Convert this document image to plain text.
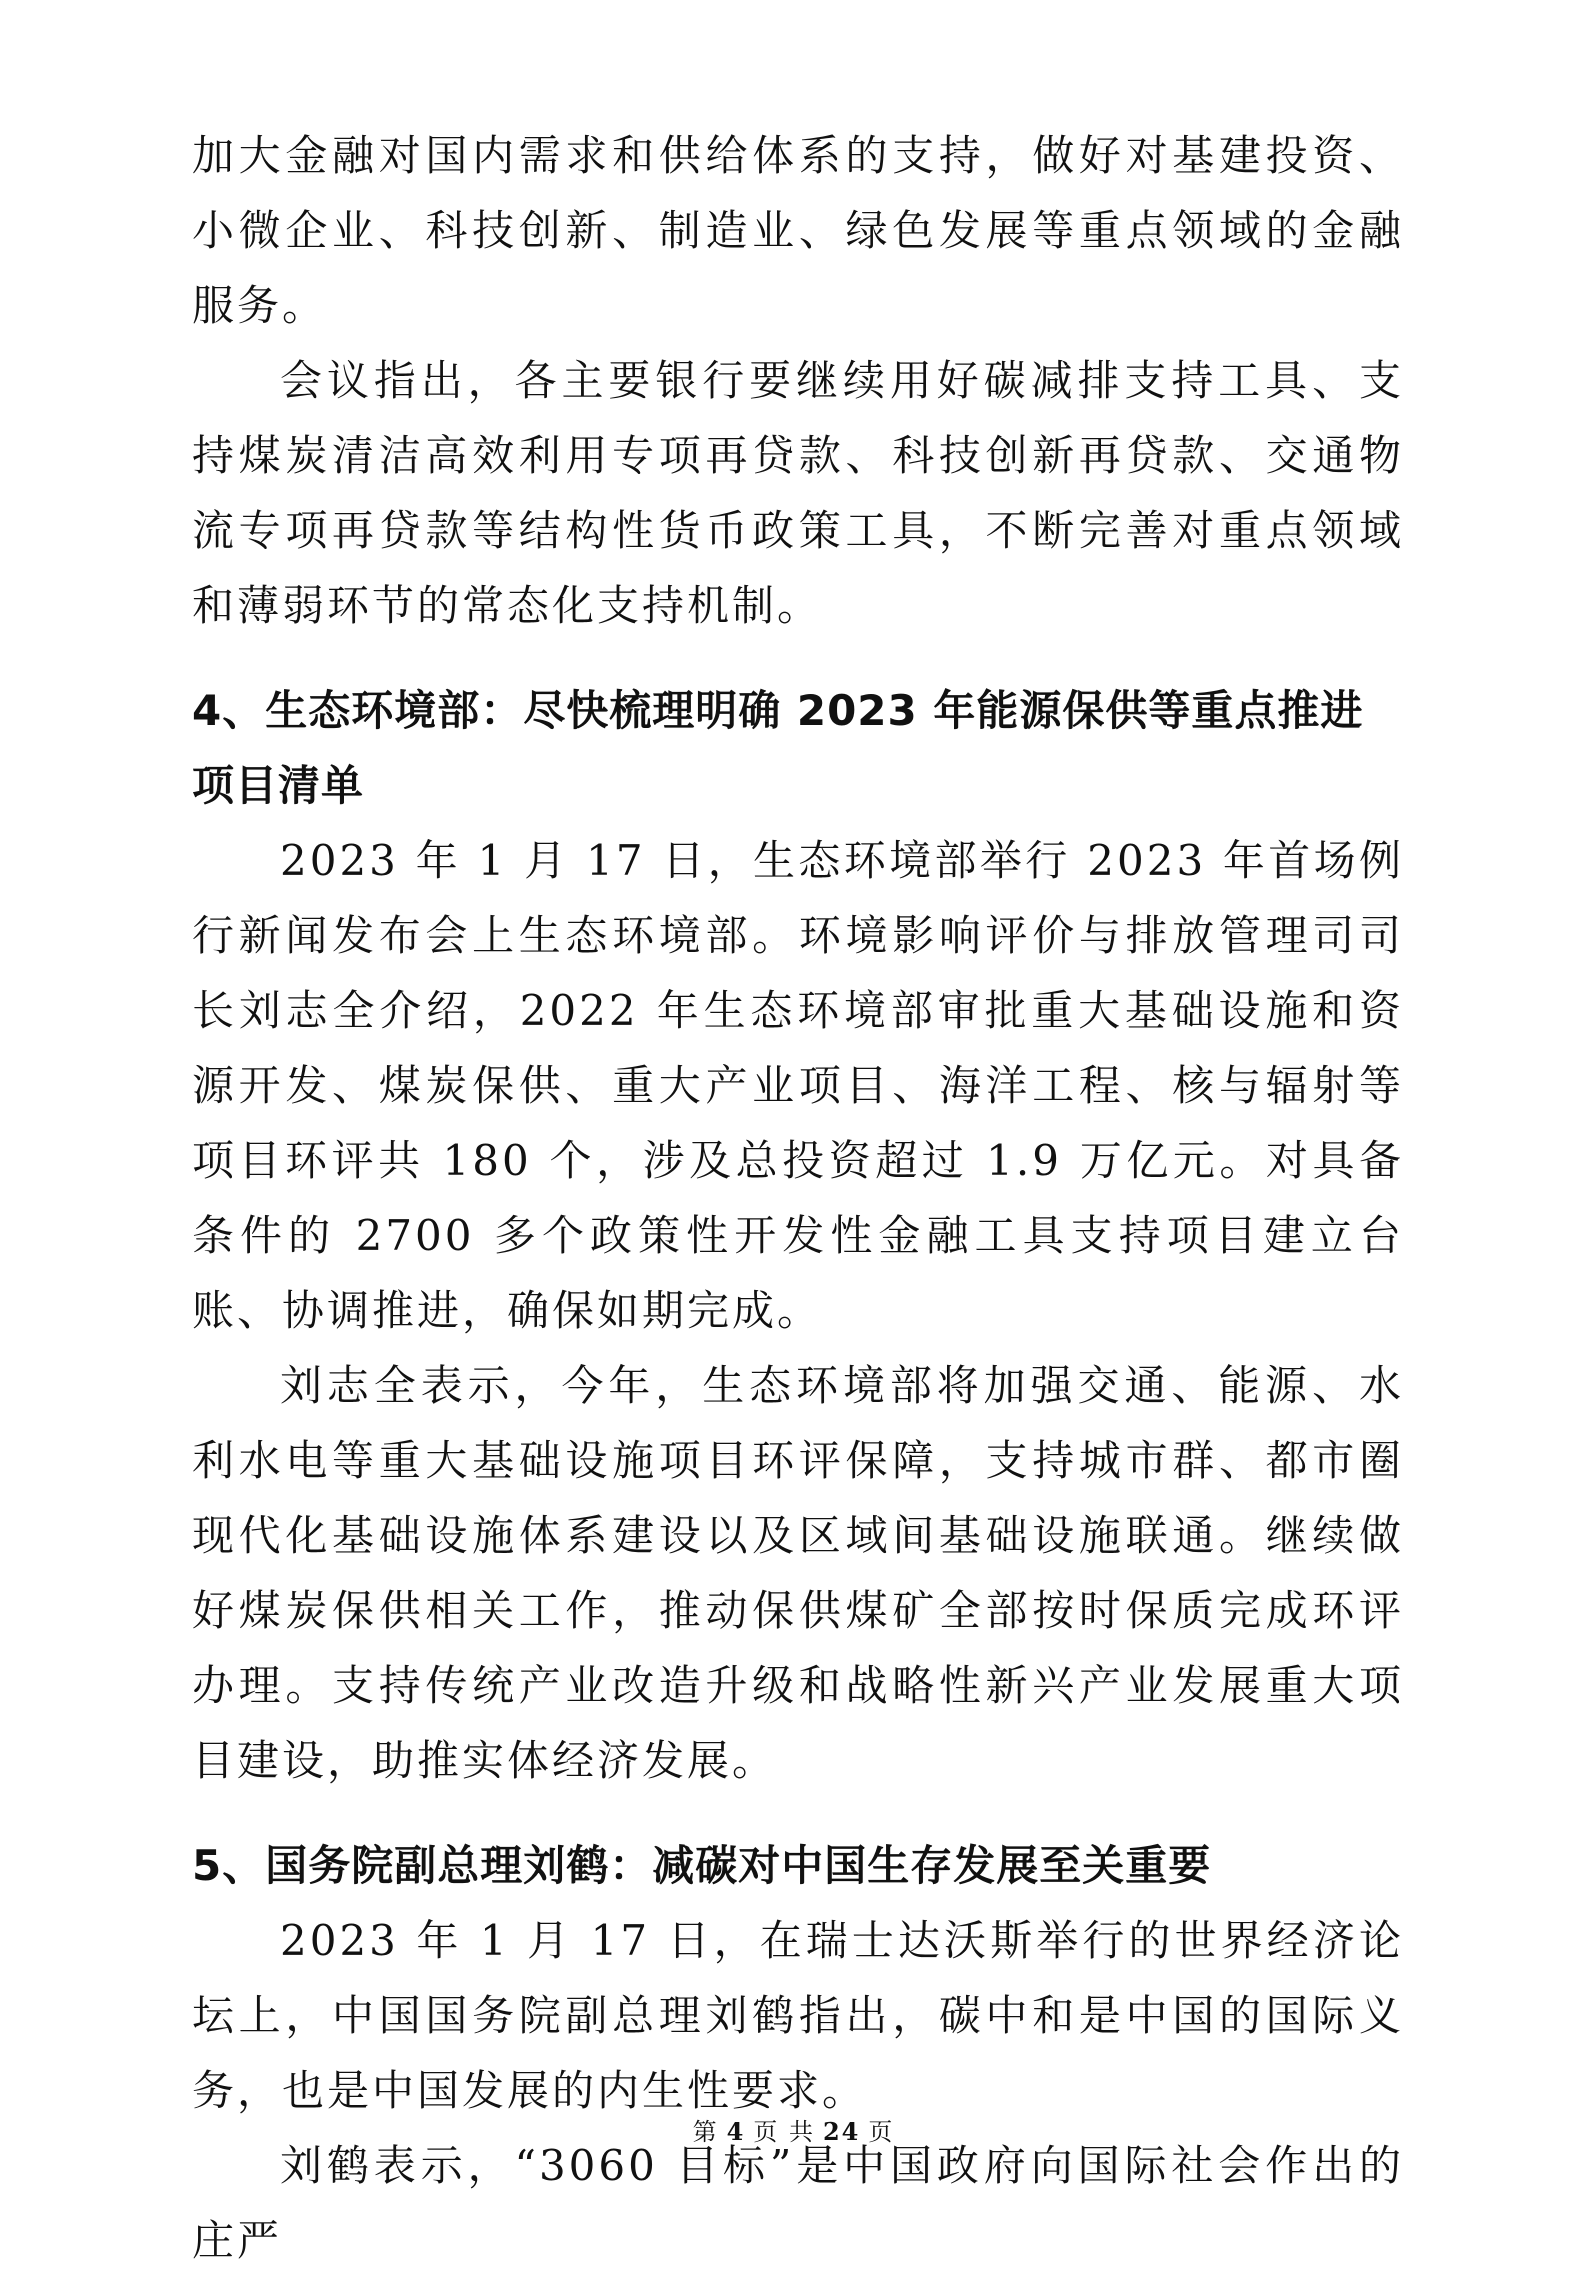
加大金融对国内需求和供给体系的支持，做好对基建投资、小微企业、科技创新、制造业、绿色发展等重点领域的金融服务。

会议指出，各主要银行要继续用好碳减排支持工具、支持煤炭清洁高效利用专项再贷款、科技创新再贷款、交通物流专项再贷款等结构性货币政策工具，不断完善对重点领域和薄弱环节的常态化支持机制。

4、生态环境部：尽快梳理明确 2023 年能源保供等重点推进项目清单

2023 年 1 月 17 日，生态环境部举行 2023 年首场例行新闻发布会上生态环境部。环境影响评价与排放管理司司长刘志全介绍，2022 年生态环境部审批重大基础设施和资源开发、煤炭保供、重大产业项目、海洋工程、核与辐射等项目环评共 180 个，涉及总投资超过 1.9 万亿元。对具备条件的 2700 多个政策性开发性金融工具支持项目建立台账、协调推进，确保如期完成。

刘志全表示，今年，生态环境部将加强交通、能源、水利水电等重大基础设施项目环评保障，支持城市群、都市圈现代化基础设施体系建设以及区域间基础设施联通。继续做好煤炭保供相关工作，推动保供煤矿全部按时保质完成环评办理。支持传统产业改造升级和战略性新兴产业发展重大项目建设，助推实体经济发展。

5、国务院副总理刘鹤：减碳对中国生存发展至关重要

2023 年 1 月 17 日，在瑞士达沃斯举行的世界经济论坛上，中国国务院副总理刘鹤指出，碳中和是中国的国际义务，也是中国发展的内生性要求。

刘鹤表示，“3060 目标”是中国政府向国际社会作出的庄严

第 4 页 共 24 页
